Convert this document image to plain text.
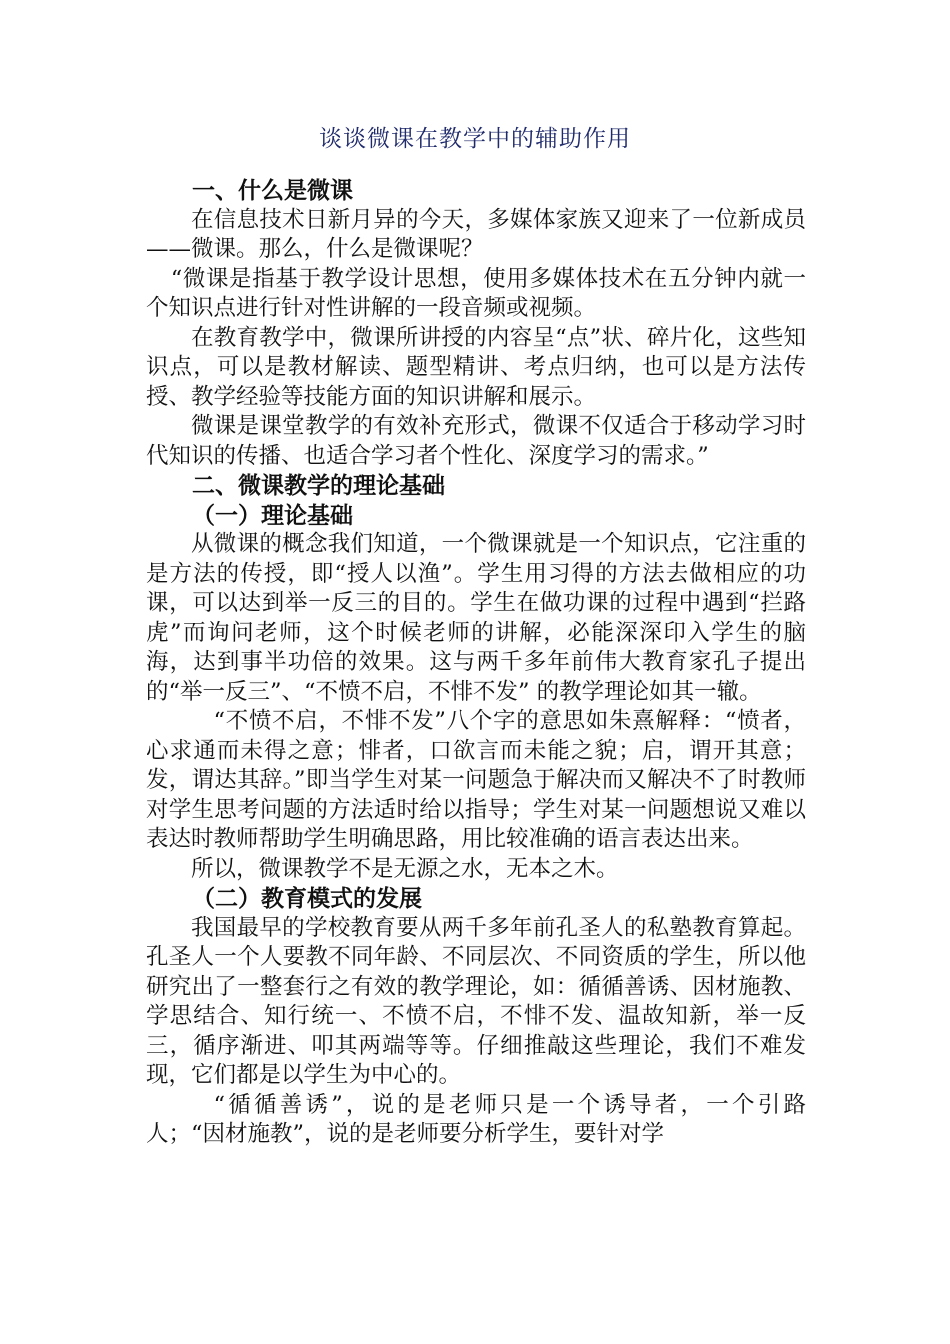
谈谈微课在教学中的辅助作用

一、什么是微课

在信息技术日新月异的今天，多媒体家族又迎来了一位新成员——微课。那么，什么是微课呢？

“微课是指基于教学设计思想，使用多媒体技术在五分钟内就一个知识点进行针对性讲解的一段音频或视频。

在教育教学中，微课所讲授的内容呈“点”状、碎片化，这些知识点，可以是教材解读、题型精讲、考点归纳，也可以是方法传授、教学经验等技能方面的知识讲解和展示。

微课是课堂教学的有效补充形式，微课不仅适合于移动学习时代知识的传播、也适合学习者个性化、深度学习的需求。”

二、微课教学的理论基础

（一）理论基础

从微课的概念我们知道，一个微课就是一个知识点，它注重的是方法的传授，即“授人以渔”。学生用习得的方法去做相应的功课，可以达到举一反三的目的。学生在做功课的过程中遇到“拦路虎”而询问老师，这个时候老师的讲解，必能深深印入学生的脑海，达到事半功倍的效果。这与两千多年前伟大教育家孔子提出的“举一反三”、“不愤不启，不悱不发” 的教学理论如其一辙。

“不愤不启，不悱不发”八个字的意思如朱熹解释：“愤者，心求通而未得之意；悱者，口欲言而未能之貌；启，谓开其意；发，谓达其辞。”即当学生对某一问题急于解决而又解决不了时教师对学生思考问题的方法适时给以指导；学生对某一问题想说又难以表达时教师帮助学生明确思路，用比较准确的语言表达出来。

所以，微课教学不是无源之水，无本之木。

（二）教育模式的发展

我国最早的学校教育要从两千多年前孔圣人的私塾教育算起。孔圣人一个人要教不同年龄、不同层次、不同资质的学生，所以他研究出了一整套行之有效的教学理论，如：循循善诱、因材施教、学思结合、知行统一、不愤不启，不悱不发、温故知新，举一反三，循序渐进、叩其两端等等。仔细推敲这些理论，我们不难发现，它们都是以学生为中心的。

“循循善诱”，说的是老师只是一个诱导者，一个引路人；“因材施教”，说的是老师要分析学生，要针对学
